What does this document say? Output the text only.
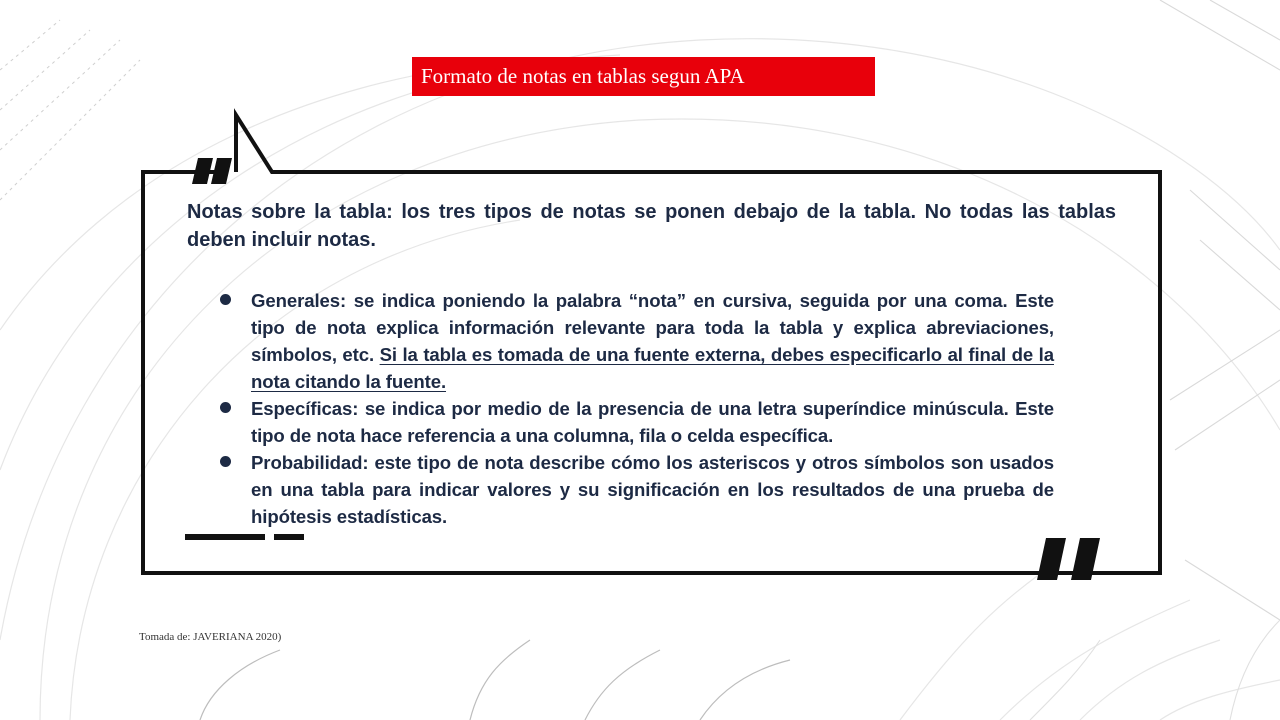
Formato de notas en tablas segun APA

Notas sobre la tabla: los tres tipos de notas se ponen debajo de la tabla. No todas las tablas deben incluir notas.

Generales: se indica poniendo la palabra “nota” en cursiva, seguida por una coma. Este tipo de nota explica información relevante para toda la tabla y explica abreviaciones, símbolos, etc. Si la tabla es tomada de una fuente externa, debes especificarlo al final de la nota citando la fuente.

Específicas: se indica por medio de la presencia de una letra superíndice minúscula. Este tipo de nota hace referencia a una columna, fila o celda específica.

Probabilidad: este tipo de nota describe cómo los asteriscos y otros símbolos son usados en una tabla para indicar valores y su significación en los resultados de una prueba de hipótesis estadísticas.

Tomada de: JAVERIANA 2020)
